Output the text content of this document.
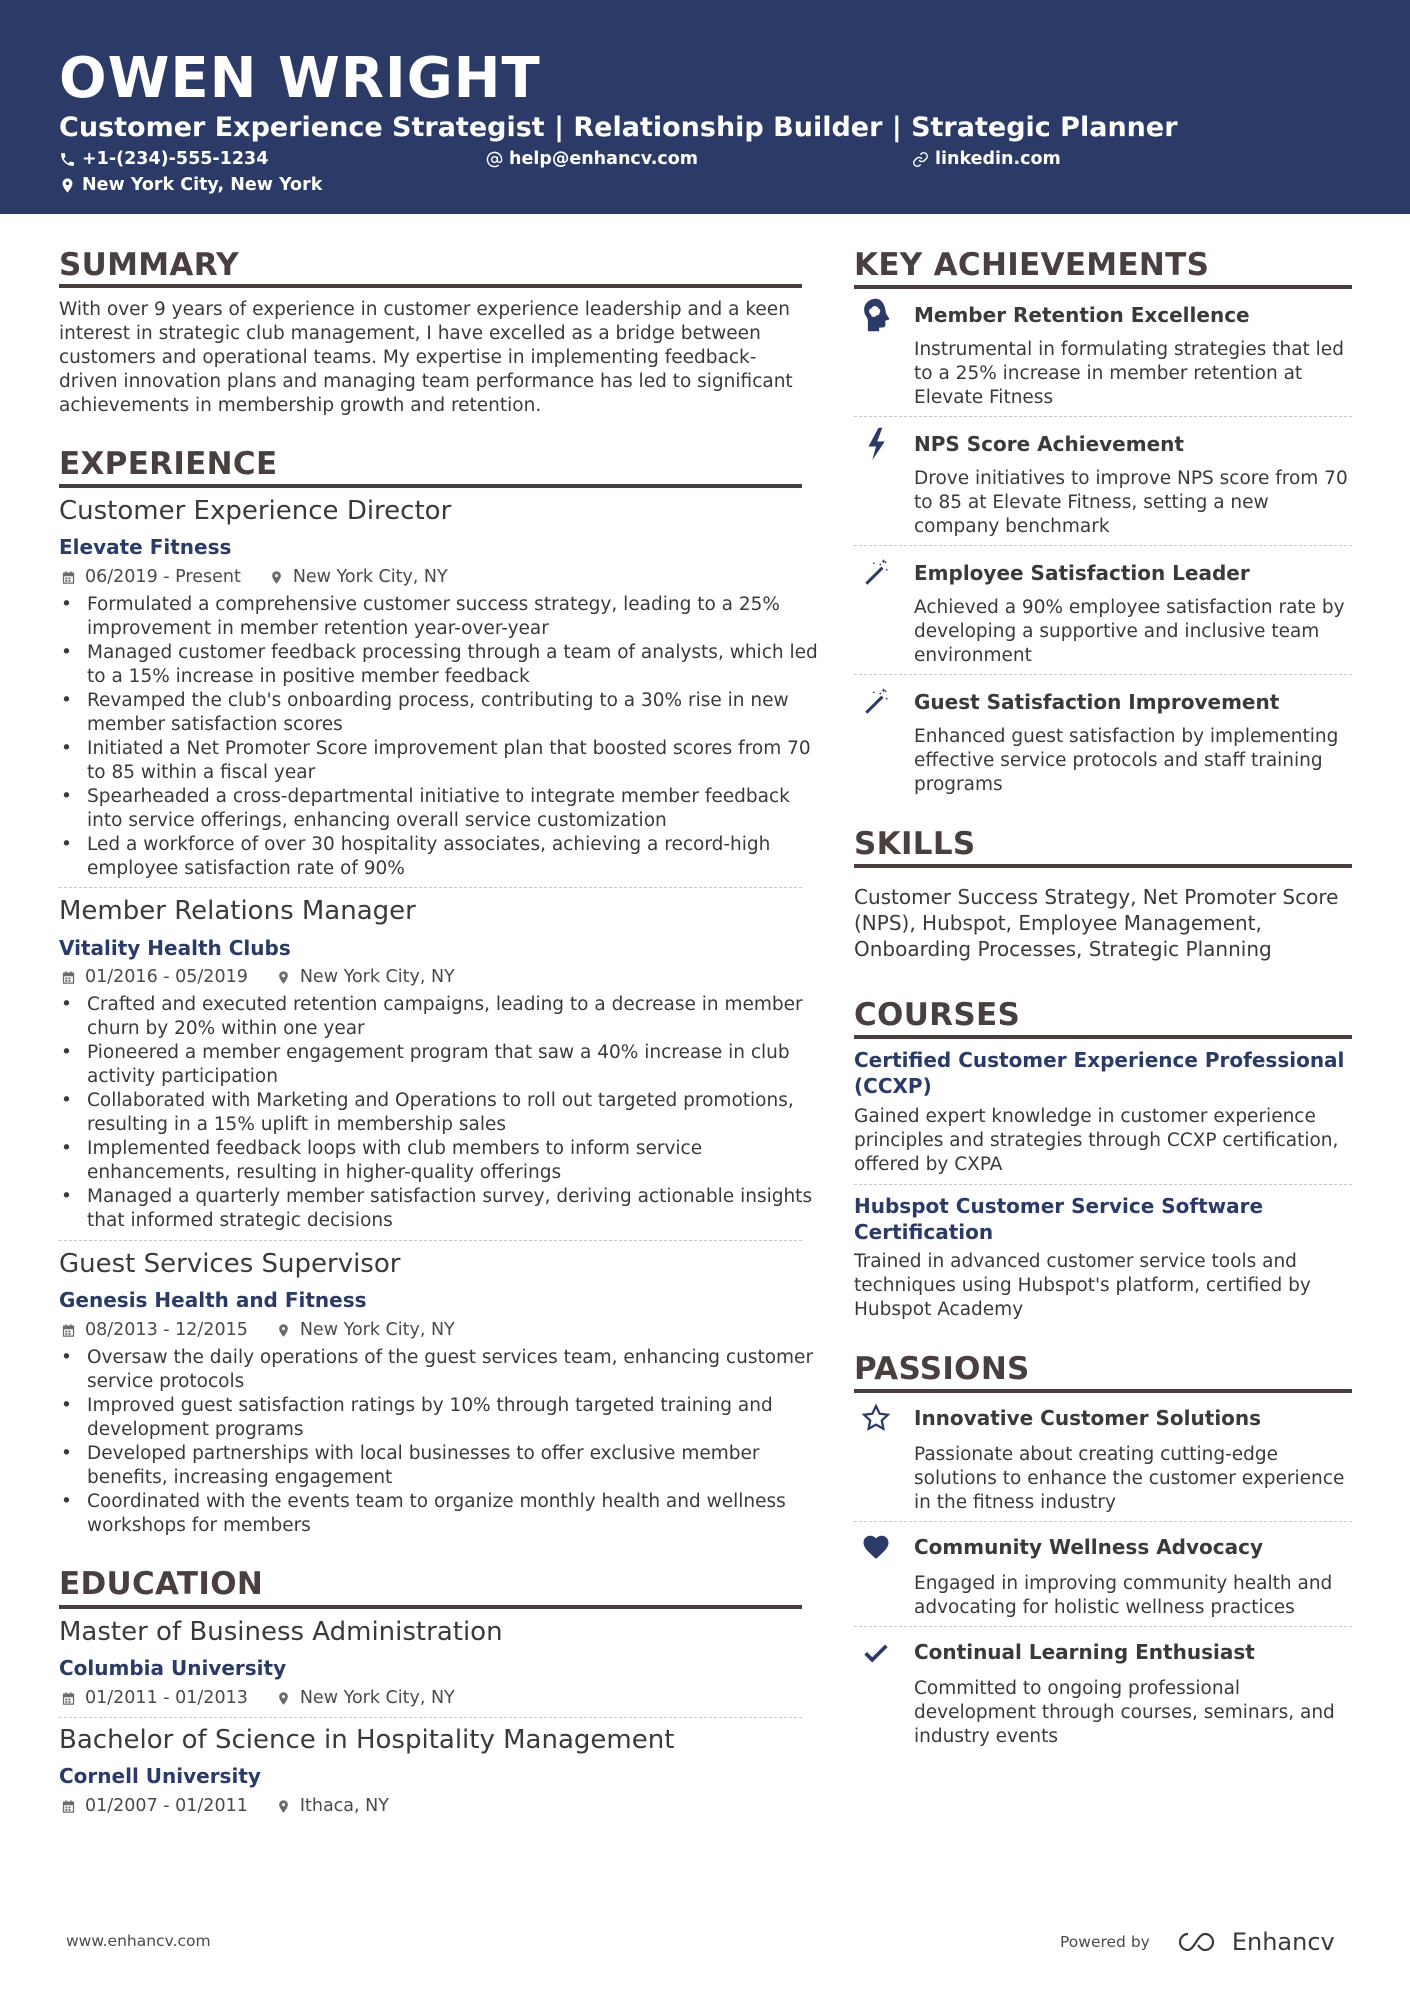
OWEN WRIGHT
Customer Experience Strategist | Relationship Builder | Strategic Planner
+1-(234)-555-1234	help@enhancv.com	linkedin.com
New York City, New York
SUMMARY
With over 9 years of experience in customer experience leadership and a keen interest in strategic club management, I have excelled as a bridge between customers and operational teams. My expertise in implementing feedback-driven innovation plans and managing team performance has led to significant achievements in membership growth and retention.
EXPERIENCE
Customer Experience Director
Elevate Fitness
06/2019 - Present	New York City, NY
• Formulated a comprehensive customer success strategy, leading to a 25% improvement in member retention year-over-year
• Managed customer feedback processing through a team of analysts, which led to a 15% increase in positive member feedback
• Revamped the club's onboarding process, contributing to a 30% rise in new member satisfaction scores
• Initiated a Net Promoter Score improvement plan that boosted scores from 70 to 85 within a fiscal year
• Spearheaded a cross-departmental initiative to integrate member feedback into service offerings, enhancing overall service customization
• Led a workforce of over 30 hospitality associates, achieving a record-high employee satisfaction rate of 90%
Member Relations Manager
Vitality Health Clubs
01/2016 - 05/2019	New York City, NY
• Crafted and executed retention campaigns, leading to a decrease in member churn by 20% within one year
• Pioneered a member engagement program that saw a 40% increase in club activity participation
• Collaborated with Marketing and Operations to roll out targeted promotions, resulting in a 15% uplift in membership sales
• Implemented feedback loops with club members to inform service enhancements, resulting in higher-quality offerings
• Managed a quarterly member satisfaction survey, deriving actionable insights that informed strategic decisions
Guest Services Supervisor
Genesis Health and Fitness
08/2013 - 12/2015	New York City, NY
• Oversaw the daily operations of the guest services team, enhancing customer service protocols
• Improved guest satisfaction ratings by 10% through targeted training and development programs
• Developed partnerships with local businesses to offer exclusive member benefits, increasing engagement
• Coordinated with the events team to organize monthly health and wellness workshops for members
EDUCATION
Master of Business Administration
Columbia University
01/2011 - 01/2013	New York City, NY
Bachelor of Science in Hospitality Management
Cornell University
01/2007 - 01/2011	Ithaca, NY
KEY ACHIEVEMENTS
Member Retention Excellence
Instrumental in formulating strategies that led to a 25% increase in member retention at Elevate Fitness
NPS Score Achievement
Drove initiatives to improve NPS score from 70 to 85 at Elevate Fitness, setting a new company benchmark
Employee Satisfaction Leader
Achieved a 90% employee satisfaction rate by developing a supportive and inclusive team environment
Guest Satisfaction Improvement
Enhanced guest satisfaction by implementing effective service protocols and staff training programs
SKILLS
Customer Success Strategy, Net Promoter Score (NPS), Hubspot, Employee Management, Onboarding Processes, Strategic Planning
COURSES
Certified Customer Experience Professional (CCXP)
Gained expert knowledge in customer experience principles and strategies through CCXP certification, offered by CXPA
Hubspot Customer Service Software Certification
Trained in advanced customer service tools and techniques using Hubspot's platform, certified by Hubspot Academy
PASSIONS
Innovative Customer Solutions
Passionate about creating cutting-edge solutions to enhance the customer experience in the fitness industry
Community Wellness Advocacy
Engaged in improving community health and advocating for holistic wellness practices
Continual Learning Enthusiast
Committed to ongoing professional development through courses, seminars, and industry events
www.enhancv.com	Powered by	Enhancv
